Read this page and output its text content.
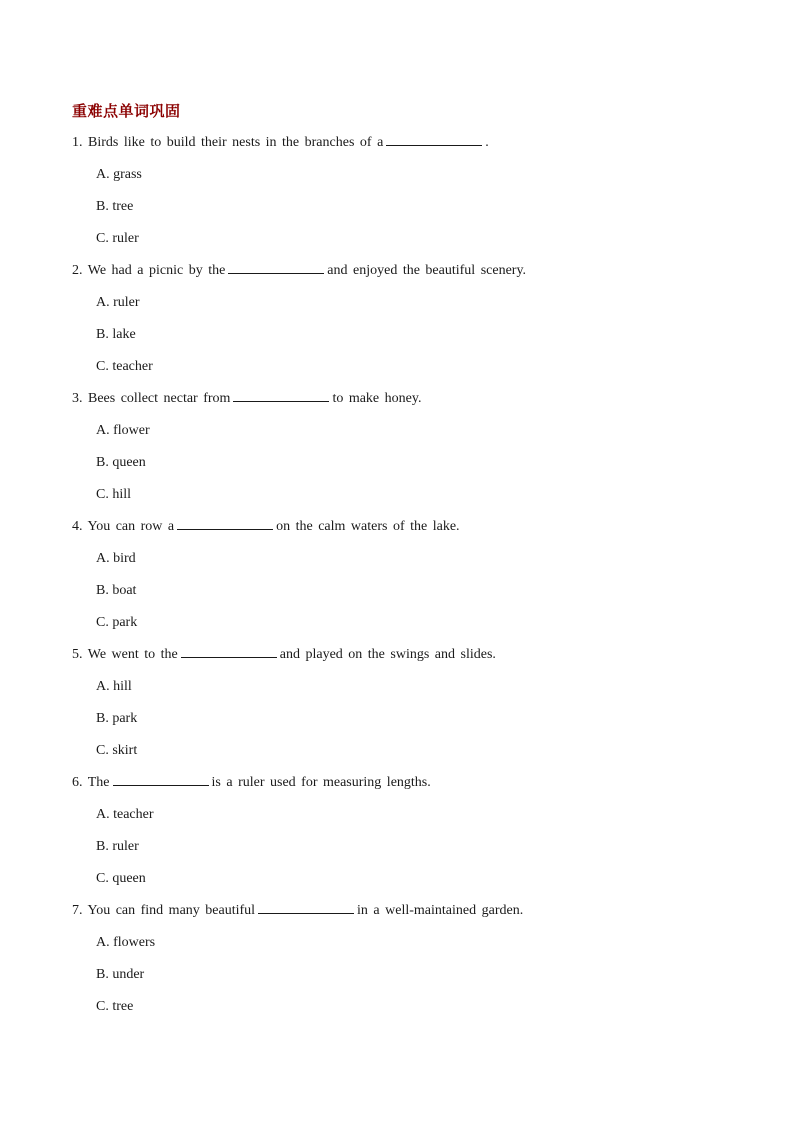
重难点单词巩固
1. Birds like to build their nests in the branches of a	.
A. grass
B. tree
C. ruler
2. We had a picnic by the	and enjoyed the beautiful scenery.
A. ruler
B. lake
C. teacher
3. Bees collect nectar from	to make honey.
A. flower
B. queen
C. hill
4. You can row a	on the calm waters of the lake.
A. bird
B. boat
C. park
5. We went to the	and played on the swings and slides.
A. hill
B. park
C. skirt
6. The	is a ruler used for measuring lengths.
A. teacher
B. ruler
C. queen
7. You can find many beautiful	in a well-maintained garden.
A. flowers
B. under
C. tree
